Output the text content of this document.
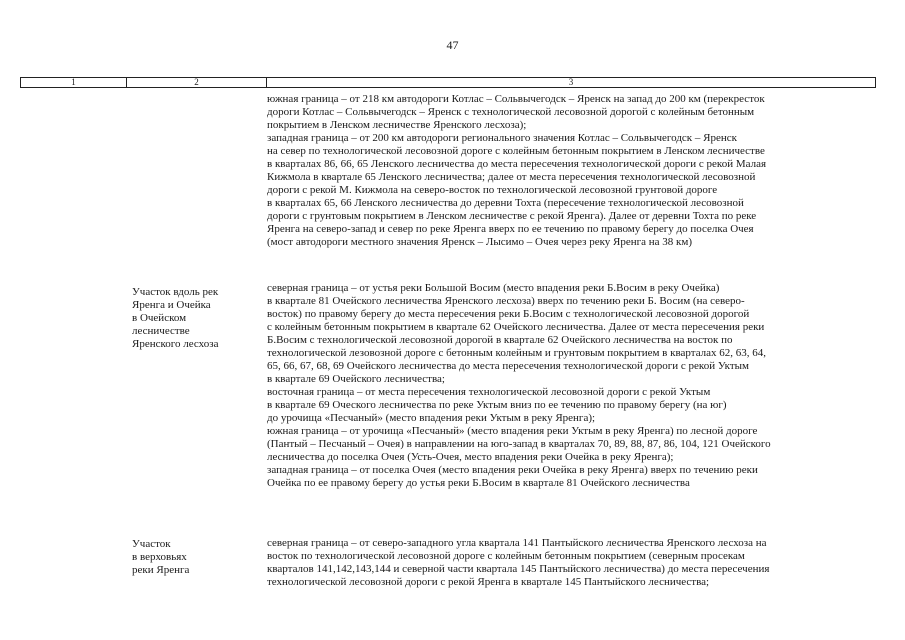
47
1	2	3
южная граница – от 218 км автодороги Котлас – Сольвычегодск – Яренск на запад до 200 км (перекресток
дороги Котлас – Сольвычегодск – Яренск с технологической лесовозной дорогой с колейным бетонным
покрытием в Ленском лесничестве Яренского лесхоза);
западная граница – от 200 км автодороги регионального значения Котлас – Сольвычегодск – Яренск
на север по технологической лесовозной дороге с колейным бетонным покрытием в Ленском лесничестве
в кварталах 86, 66, 65 Ленского лесничества до места пересечения технологической дороги с рекой Малая
Кижмола в квартале 65 Ленского лесничества; далее от места пересечения технологической лесовозной
дороги с рекой М. Кижмола на северо-восток по технологической лесовозной грунтовой дороге
в кварталах 65, 66 Ленского лесничества до деревни Тохта (пересечение технологической лесовозной
дороги с грунтовым покрытием в Ленском лесничестве с рекой Яренга). Далее от деревни Тохта по реке
Яренга на северо-запад и север по реке Яренга вверх по ее течению по правому берегу до поселка Очея
(мост автодороги местного значения Яренск – Лысимо – Очея через реку Яренга на 38 км)
Участок вдоль рек
Яренга и Очейка
в Очейском
лесничестве
Яренского лесхоза
северная граница – от устья реки Большой Восим (место впадения реки Б.Восим в реку Очейка)
в квартале 81 Очейского лесничества Яренского лесхоза) вверх по течению реки Б. Восим (на северо-
восток) по правому берегу до места пересечения реки Б.Восим с технологической лесовозной дорогой
с колейным бетонным покрытием в квартале 62 Очейского лесничества. Далее от места пересечения реки
Б.Восим с технологической лесовозной дорогой в квартале 62 Очейского лесничества на восток по
технологической лезовозной дороге с бетонным колейным и грунтовым покрытием в кварталах 62, 63, 64,
65, 66, 67, 68, 69 Очейского лесничества до места пересечения технологической дороги с рекой Уктым
в квартале 69 Очейского лесничества;
восточная граница – от места пересечения технологической лесовозной дороги с рекой Уктым
в квартале 69 Оческого лесничества по реке Уктым вниз по ее течению по правому берегу (на юг)
до урочища «Песчаный» (место впадения реки Уктым в реку Яренга);
южная граница – от урочища «Песчаный» (место впадения реки Уктым в реку Яренга) по лесной дороге
(Пантый – Песчаный – Очея) в направлении на юго-запад в кварталах 70, 89, 88, 87, 86, 104, 121 Очейского
лесничества до поселка Очея (Усть-Очея, место впадения реки Очейка в реку Яренга);
западная граница – от поселка Очея (место впадения реки Очейка в реку Яренга) вверх по течению реки
Очейка по ее правому берегу до устья реки Б.Восим в квартале 81 Очейского лесничества
Участок
в верховьях
реки Яренга
северная граница – от северо-западного угла квартала 141 Пантыйского лесничества Яренского лесхоза на
восток по технологической лесовозной дороге с колейным бетонным покрытием (северным просекам
кварталов 141,142,143,144 и северной части квартала 145 Пантыйского лесничества) до места пересечения
технологической лесовозной дороги с рекой Яренга в квартале 145 Пантыйского лесничества;
